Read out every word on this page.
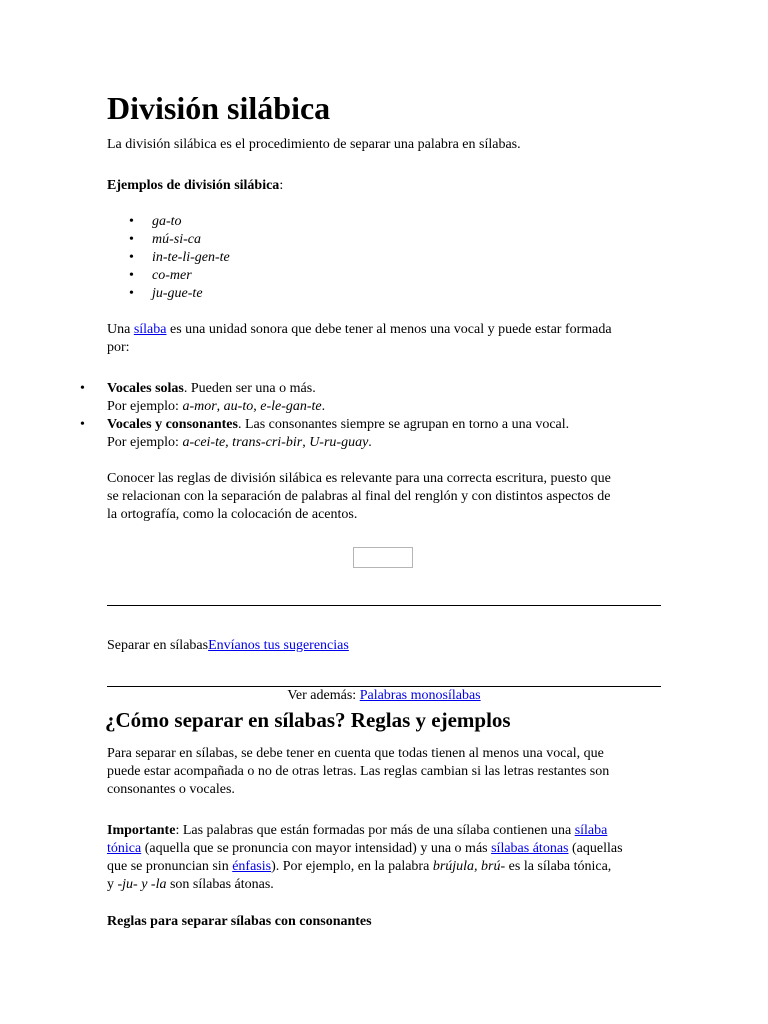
División silábica

La división silábica es el procedimiento de separar una palabra en sílabas.

Ejemplos de división silábica:

• ga-to
• mú-si-ca
• in-te-li-gen-te
• co-mer
• ju-gue-te

Una sílaba es una unidad sonora que debe tener al menos una vocal y puede estar formada
por:

• Vocales solas. Pueden ser una o más.
Por ejemplo: a-mor, au-to, e-le-gan-te.
• Vocales y consonantes. Las consonantes siempre se agrupan en torno a una vocal.
Por ejemplo: a-cei-te, trans-cri-bir, U-ru-guay.

Conocer las reglas de división silábica es relevante para una correcta escritura, puesto que
se relacionan con la separación de palabras al final del renglón y con distintos aspectos de
la ortografía, como la colocación de acentos.

Separar en sílabasEnvíanos tus sugerencias

Ver además: Palabras monosílabas
¿Cómo separar en sílabas? Reglas y ejemplos

Para separar en sílabas, se debe tener en cuenta que todas tienen al menos una vocal, que
puede estar acompañada o no de otras letras. Las reglas cambian si las letras restantes son
consonantes o vocales.

Importante: Las palabras que están formadas por más de una sílaba contienen una sílaba
tónica (aquella que se pronuncia con mayor intensidad) y una o más sílabas átonas (aquellas
que se pronuncian sin énfasis). Por ejemplo, en la palabra brújula, brú- es la sílaba tónica,
y -ju- y -la son sílabas átonas.

Reglas para separar sílabas con consonantes
